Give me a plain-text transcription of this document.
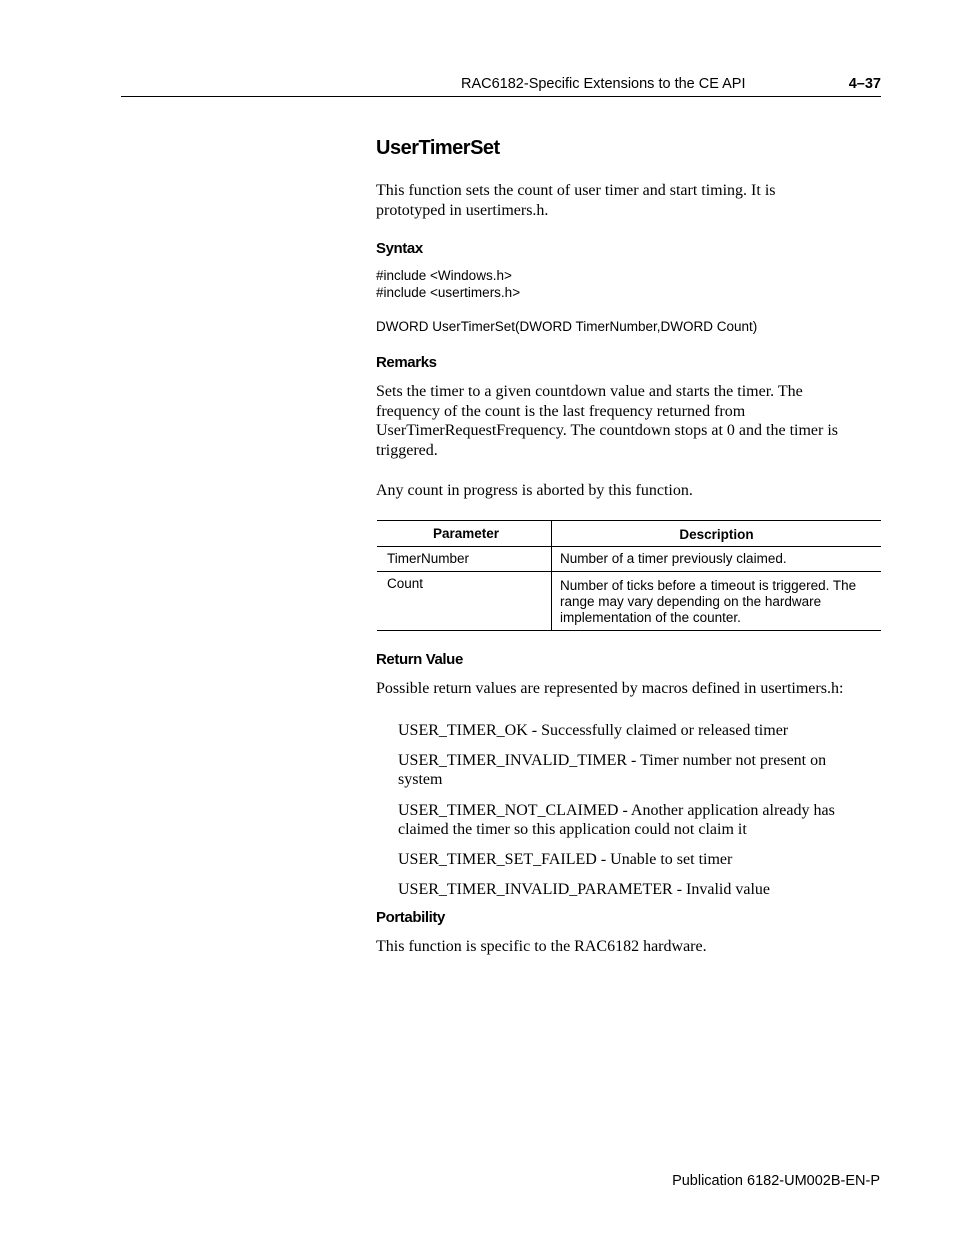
RAC6182-Specific Extensions to the CE API	4–37
UserTimerSet

This function sets the count of user timer and start timing. It is
prototyped in usertimers.h.

Syntax

#include <Windows.h>
#include <usertimers.h>

DWORD UserTimerSet(DWORD TimerNumber,DWORD Count)

Remarks

Sets the timer to a given countdown value and starts the timer. The
frequency of the count is the last frequency returned from
UserTimerRequestFrequency. The countdown stops at 0 and the timer is
triggered.

Any count in progress is aborted by this function.

Parameter	Description
TimerNumber	Number of a timer previously claimed.
Count	Number of ticks before a timeout is triggered. The
range may vary depending on the hardware
implementation of the counter.
Return Value

Possible return values are represented by macros defined in usertimers.h:

USER_TIMER_OK - Successfully claimed or released timer
USER_TIMER_INVALID_TIMER - Timer number not present on
system
USER_TIMER_NOT_CLAIMED - Another application already has
claimed the timer so this application could not claim it
USER_TIMER_SET_FAILED - Unable to set timer
USER_TIMER_INVALID_PARAMETER - Invalid value
Portability

This function is specific to the RAC6182 hardware.

Publication 6182-UM002B-EN-P
